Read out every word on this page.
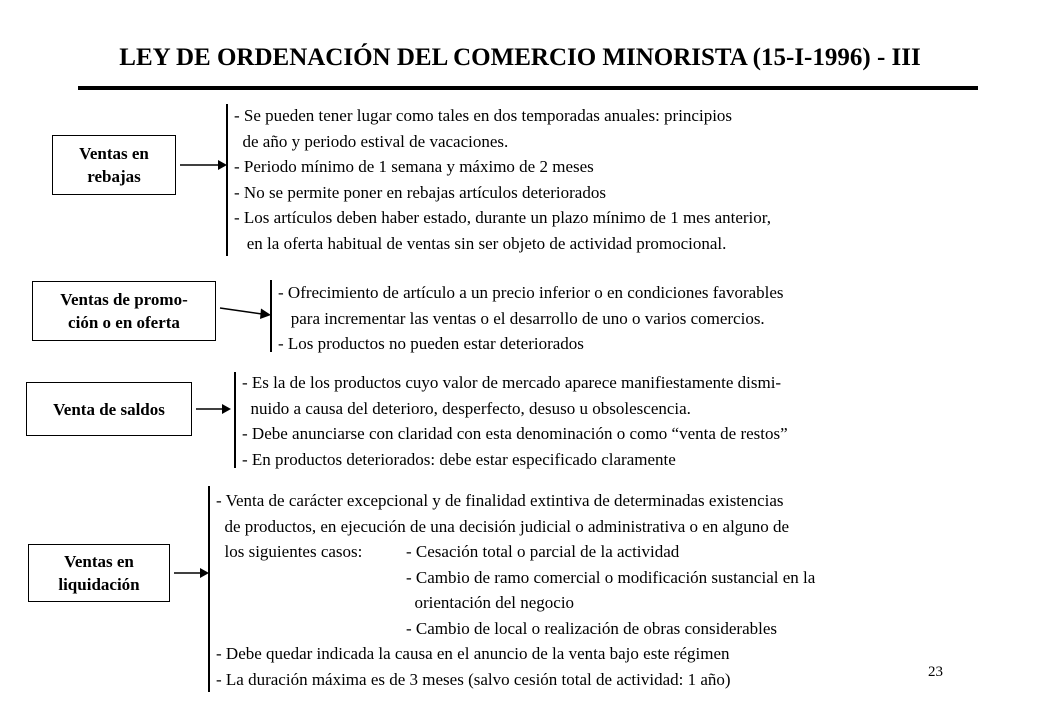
LEY DE ORDENACIÓN DEL COMERCIO MINORISTA (15-I-1996) - III
Ventas en
rebajas
- Se pueden tener lugar como tales en dos temporadas anuales: principios
de año y periodo estival de vacaciones.
- Periodo mínimo de 1 semana y máximo de 2 meses
- No se permite poner en rebajas artículos deteriorados
- Los artículos deben haber estado, durante un plazo mínimo de 1 mes anterior,
en la oferta habitual de ventas sin ser objeto de actividad promocional.
Ventas de promo-
ción o en oferta
- Ofrecimiento de artículo a un precio inferior o en condiciones favorables
para incrementar las ventas o el desarrollo de uno o varios comercios.
- Los productos no pueden estar deteriorados
Venta de saldos
- Es la de los productos cuyo valor de mercado aparece manifiestamente dismi-
nuido a causa del deterioro, desperfecto, desuso u obsolescencia.
- Debe anunciarse con claridad con esta denominación o como “venta de restos”
- En productos deteriorados: debe estar especificado claramente
Ventas en
liquidación
- Venta de carácter excepcional y de finalidad extintiva de determinadas existencias
de productos, en ejecución de una decisión judicial o administrativa o en alguno de
los siguientes casos:	- Cesación total o parcial de la actividad
- Cambio de ramo comercial o modificación sustancial en la
orientación del negocio
- Cambio de local o realización de obras considerables
- Debe quedar indicada la causa en el anuncio de la venta bajo este régimen
- La duración máxima es de 3 meses (salvo cesión total de actividad: 1 año)	23
